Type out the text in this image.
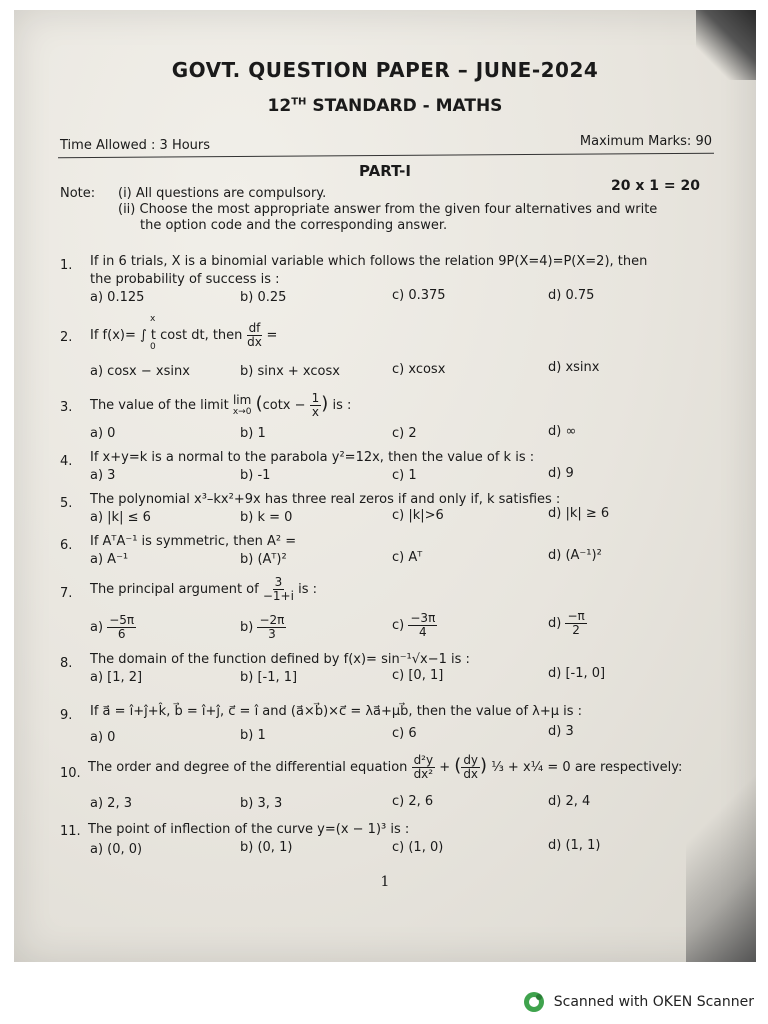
GOVT. QUESTION PAPER – JUNE-2024
12TH STANDARD - MATHS
Time Allowed : 3 Hours	Maximum Marks: 90
PART-I
20 x 1 = 20
Note: (i) All questions are compulsory.
(ii) Choose the most appropriate answer from the given four alternatives and write
the option code and the corresponding answer.
1. If in 6 trials, X is a binomial variable which follows the relation 9P(X=4)=P(X=2), then
the probability of success is :
a) 0.125	b) 0.25	c) 0.375	d) 0.75
2. If f(x)= ∫ t cost dt, then
x
0	$\frac{df}{dx}$ =
a) cosx − xsinx	b) sinx + xcosx	c) xcosx	d) xsinx
3. The value of the limit lim
x→0 ($\cot x - \frac{1}{x}$ ) is :
a) 0	b) 1	c) 2	d) ∞
4. If x+y=k is a normal to the parabola y²=12x, then the value of k is :
a) 3	b) -1	c) 1	d) 9
5. The polynomial x³–kx²+9x has three real zeros if and only if, k satisfies :
a) |k| ≤ 6	b) k = 0	c) |k|>6	d) |k| ≥ 6
6. If AᵀA⁻¹ is symmetric, then A² =
a) A⁻¹	b) (Aᵀ)²	c) Aᵀ	d) (A⁻¹)²
7. The principal argument of $\frac{3}{-1+i}$ is :
$a) \frac{-5\pi}{6}$	$b) \frac{-2\pi}{3}$	$c) \frac{-3\pi}{4}$	$d) \frac{-\pi}{2}$
8. The domain of the function defined by f(x)= sin⁻¹√x−1 is :
a) [1, 2]	b) [-1, 1]	c) [0, 1]	d) [-1, 0]
9. If a⃗ = î+ĵ+k̂, b⃗ = î+ĵ, c⃗ = î and (a⃗×b⃗)×c⃗ = λa⃗+μb⃗, then the value of λ+μ is :
a) 0	b) 1	c) 6	d) 3
10. The order and degree of the differential equation $\frac{\text{d²y}}{\text{dx²}}$ + ( $\frac{dy}{dx}$ ) ⅓ + x¼ = 0 are respectively:
a) 2, 3	b) 3, 3	c) 2, 6	d) 2, 4
11. The point of inflection of the curve y=(x − 1)³ is :
a) (0, 0)	b) (0, 1)	c) (1, 0)	d) (1, 1)
1
Scanned with OKEN Scanner
